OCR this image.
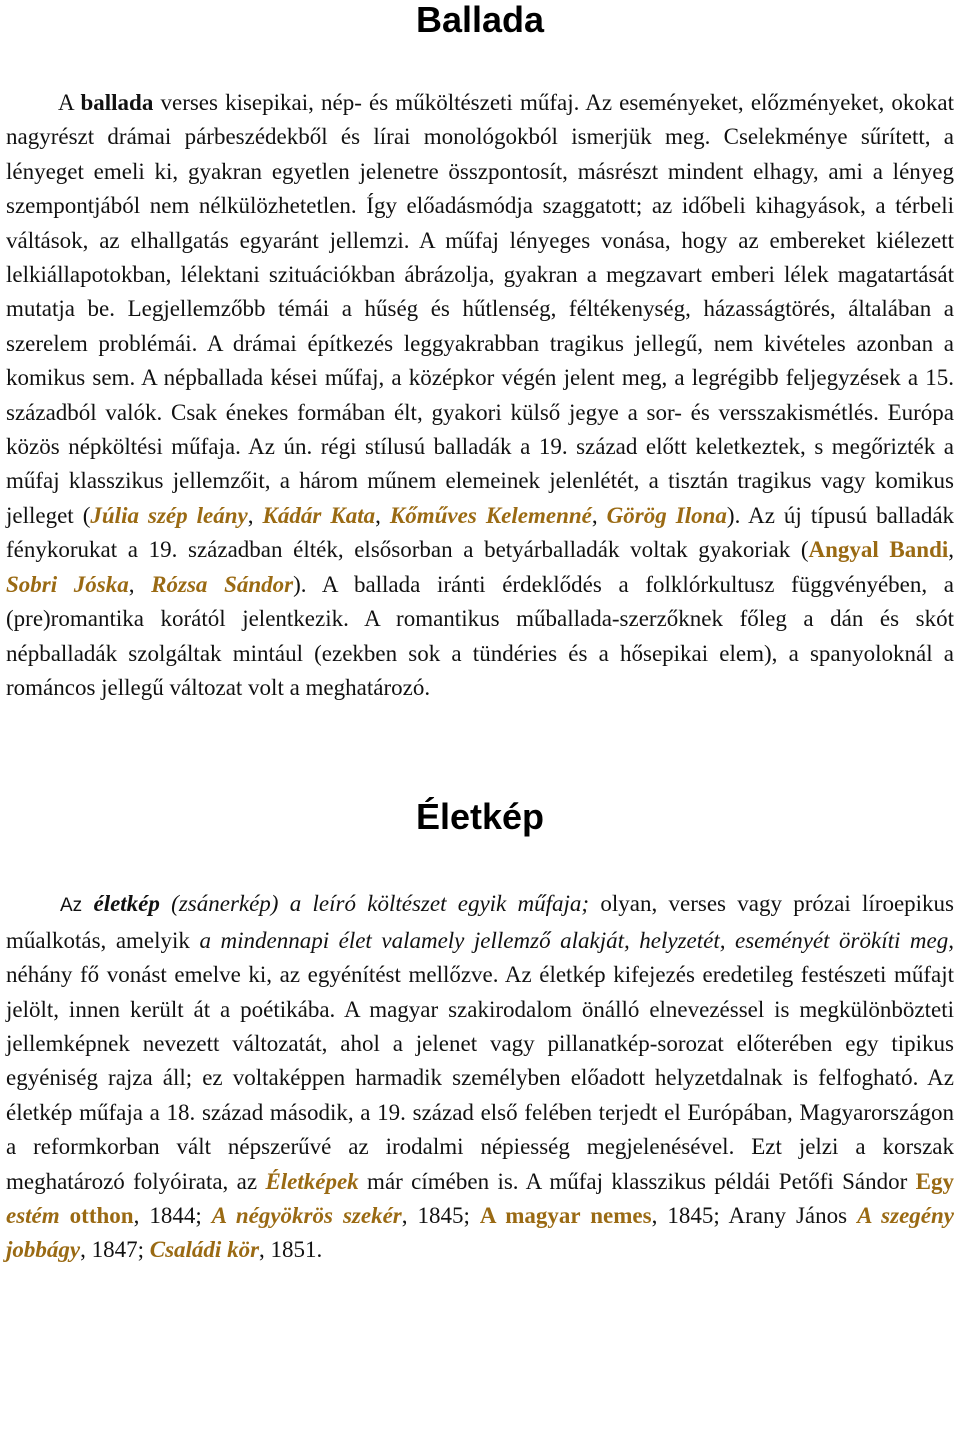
Ballada

A ballada verses kisepikai, nép- és műköltészeti műfaj. Az eseményeket, előzményeket, okokat nagyrészt drámai párbeszédekből és lírai monológokból ismerjük meg. Cselekménye sűrített, a lényeget emeli ki, gyakran egyetlen jelenetre összpontosít, másrészt mindent elhagy, ami a lényeg szempontjából nem nélkülözhetetlen. Így előadásmódja szaggatott; az időbeli kihagyások, a térbeli váltások, az elhallgatás egyaránt jellemzi. A műfaj lényeges vonása, hogy az embereket kiélezett lelkiállapotokban, lélektani szituációkban ábrázolja, gyakran a megzavart emberi lélek magatartását mutatja be. Legjellemzőbb témái a hűség és hűtlenség, féltékenység, házasságtörés, általában a szerelem problémái. A drámai építkezés leggyakrabban tragikus jellegű, nem kivételes azonban a komikus sem. A népballada kései műfaj, a középkor végén jelent meg, a legrégibb feljegyzések a 15. századból valók. Csak énekes formában élt, gyakori külső jegye a sor- és versszakismétlés. Európa közös népköltési műfaja. Az ún. régi stílusú balladák a 19. század előtt keletkeztek, s megőrizték a műfaj klasszikus jellemzőit, a három műnem elemeinek jelenlétét, a tisztán tragikus vagy komikus jelleget (Júlia szép leány, Kádár Kata, Kőműves Kelemenné, Görög Ilona). Az új típusú balladák fénykorukat a 19. században élték, elsősorban a betyárballadák voltak gyakoriak (Angyal Bandi, Sobri Jóska, Rózsa Sándor). A ballada iránti érdeklődés a folklórkultusz függvényében, a (pre)romantika korától jelentkezik. A romantikus műballada-szerzőknek főleg a dán és skót népballadák szolgáltak mintául (ezekben sok a tündéries és a hősepikai elem), a spanyoloknál a románcos jellegű változat volt a meghatározó.

Életkép

Az életkép (zsánerkép) a leíró költészet egyik műfaja; olyan, verses vagy prózai líroepikus műalkotás, amelyik a mindennapi élet valamely jellemző alakját, helyzetét, eseményét örökíti meg, néhány fő vonást emelve ki, az egyénítést mellőzve. Az életkép kifejezés eredetileg festészeti műfajt jelölt, innen került át a poétikába. A magyar szakirodalom önálló elnevezéssel is megkülönbözteti jellemképnek nevezett változatát, ahol a jelenet vagy pillanatkép-sorozat előterében egy tipikus egyéniség rajza áll; ez voltaképpen harmadik személyben előadott helyzetdalnak is felfogható. Az életkép műfaja a 18. század második, a 19. század első felében terjedt el Európában, Magyarországon a reformkorban vált népszerűvé az irodalmi népiesség megjelenésével. Ezt jelzi a korszak meghatározó folyóirata, az Életképek már címében is. A műfaj klasszikus példái Petőfi Sándor Egy estém otthon, 1844; A négyökrös szekér, 1845; A magyar nemes, 1845; Arany János A szegény jobbágy, 1847; Családi kör, 1851.
